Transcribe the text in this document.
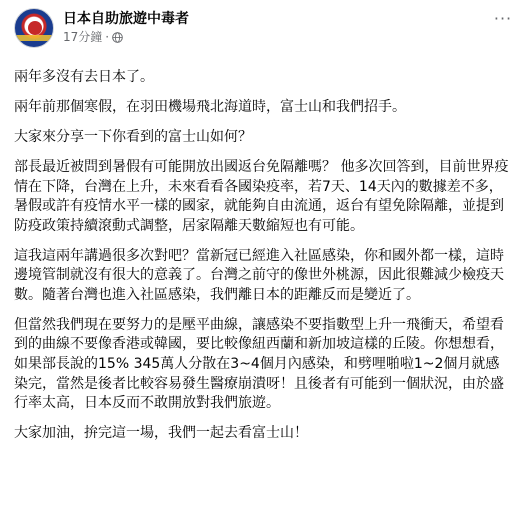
日本自助旅遊中毒者
17分鐘 ·
···

兩年多沒有去日本了。

兩年前那個寒假，在羽田機場飛北海道時，富士山和我們招手。

大家來分享一下你看到的富士山如何？

部長最近被問到暑假有可能開放出國返台免隔離嗎？ 他多次回答到，目前世界疫情在下降，台灣在上升，未來看看各國染疫率，若7天、14天內的數據差不多，暑假或許有疫情水平一樣的國家，就能夠自由流通，返台有望免除隔離，並提到防疫政策持續滾動式調整，居家隔離天數縮短也有可能。

這我這兩年講過很多次對吧？當新冠已經進入社區感染，你和國外都一樣，這時邊境管制就沒有很大的意義了。台灣之前守的像世外桃源，因此很難減少檢疫天數。隨著台灣也進入社區感染，我們離日本的距離反而是變近了。

但當然我們現在要努力的是壓平曲線，讓感染不要指數型上升一飛衝天，希望看到的曲線不要像香港或韓國，要比較像紐西蘭和新加坡這樣的丘陵。你想想看，如果部長說的15% 345萬人分散在3~4個月內感染，和劈哩啪啦1~2個月就感染完，當然是後者比較容易發生醫療崩潰呀！且後者有可能到一個狀況，由於盛行率太高，日本反而不敢開放對我們旅遊。

大家加油，拚完這一場，我們一起去看富士山！
